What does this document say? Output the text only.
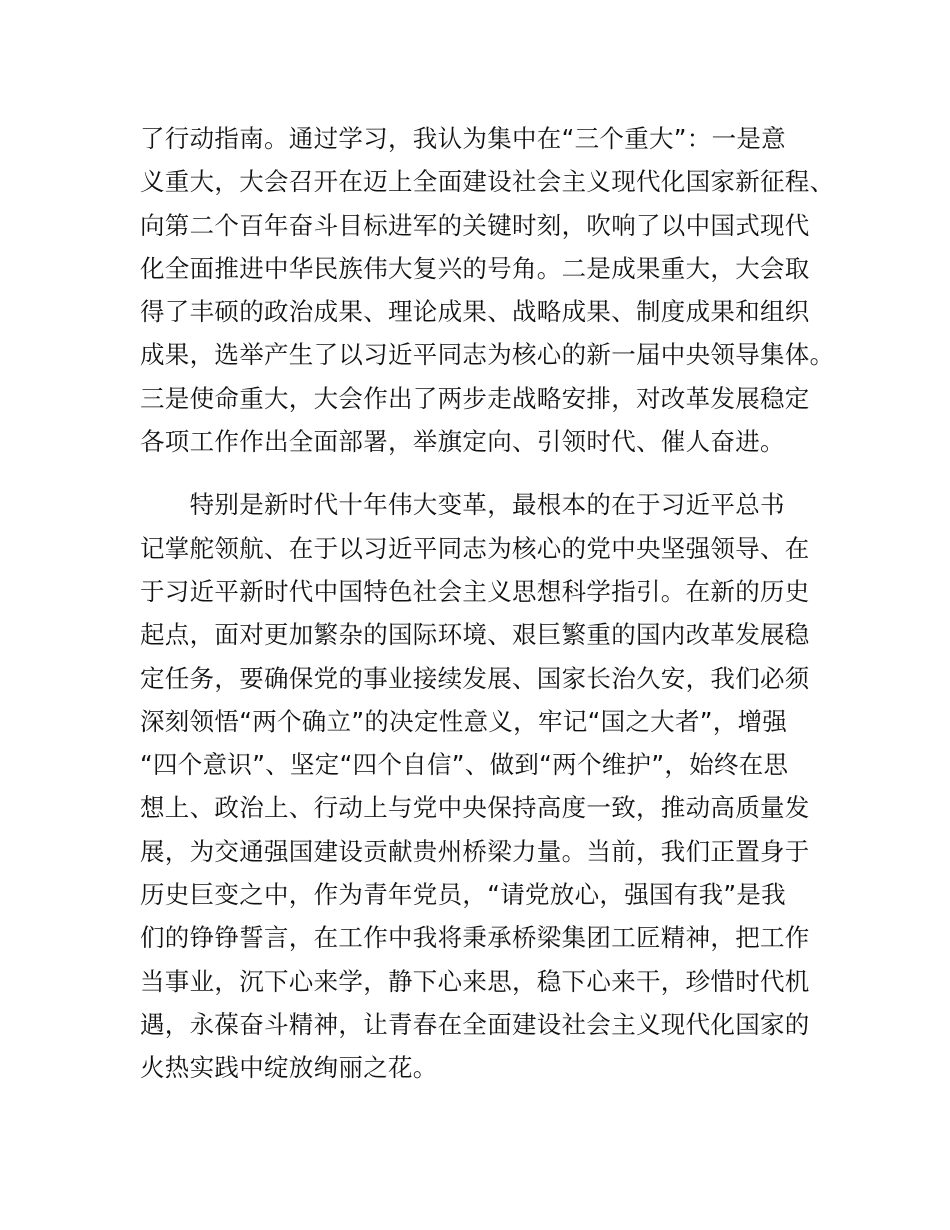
了行动指南。通过学习，我认为集中在“三个重大”：一是意
义重大，大会召开在迈上全面建设社会主义现代化国家新征程、
向第二个百年奋斗目标进军的关键时刻，吹响了以中国式现代
化全面推进中华民族伟大复兴的号角。二是成果重大，大会取
得了丰硕的政治成果、理论成果、战略成果、制度成果和组织
成果，选举产生了以习近平同志为核心的新一届中央领导集体。
三是使命重大，大会作出了两步走战略安排，对改革发展稳定
各项工作作出全面部署，举旗定向、引领时代、催人奋进。
　　特别是新时代十年伟大变革，最根本的在于习近平总书
记掌舵领航、在于以习近平同志为核心的党中央坚强领导、在
于习近平新时代中国特色社会主义思想科学指引。在新的历史
起点，面对更加繁杂的国际环境、艰巨繁重的国内改革发展稳
定任务，要确保党的事业接续发展、国家长治久安，我们必须
深刻领悟“两个确立”的决定性意义，牢记“国之大者”，增强
“四个意识”、坚定“四个自信”、做到“两个维护”，始终在思
想上、政治上、行动上与党中央保持高度一致，推动高质量发
展，为交通强国建设贡献贵州桥梁力量。当前，我们正置身于
历史巨变之中，作为青年党员，“请党放心，强国有我”是我
们的铮铮誓言，在工作中我将秉承桥梁集团工匠精神，把工作
当事业，沉下心来学，静下心来思，稳下心来干，珍惜时代机
遇，永葆奋斗精神，让青春在全面建设社会主义现代化国家的
火热实践中绽放绚丽之花。
